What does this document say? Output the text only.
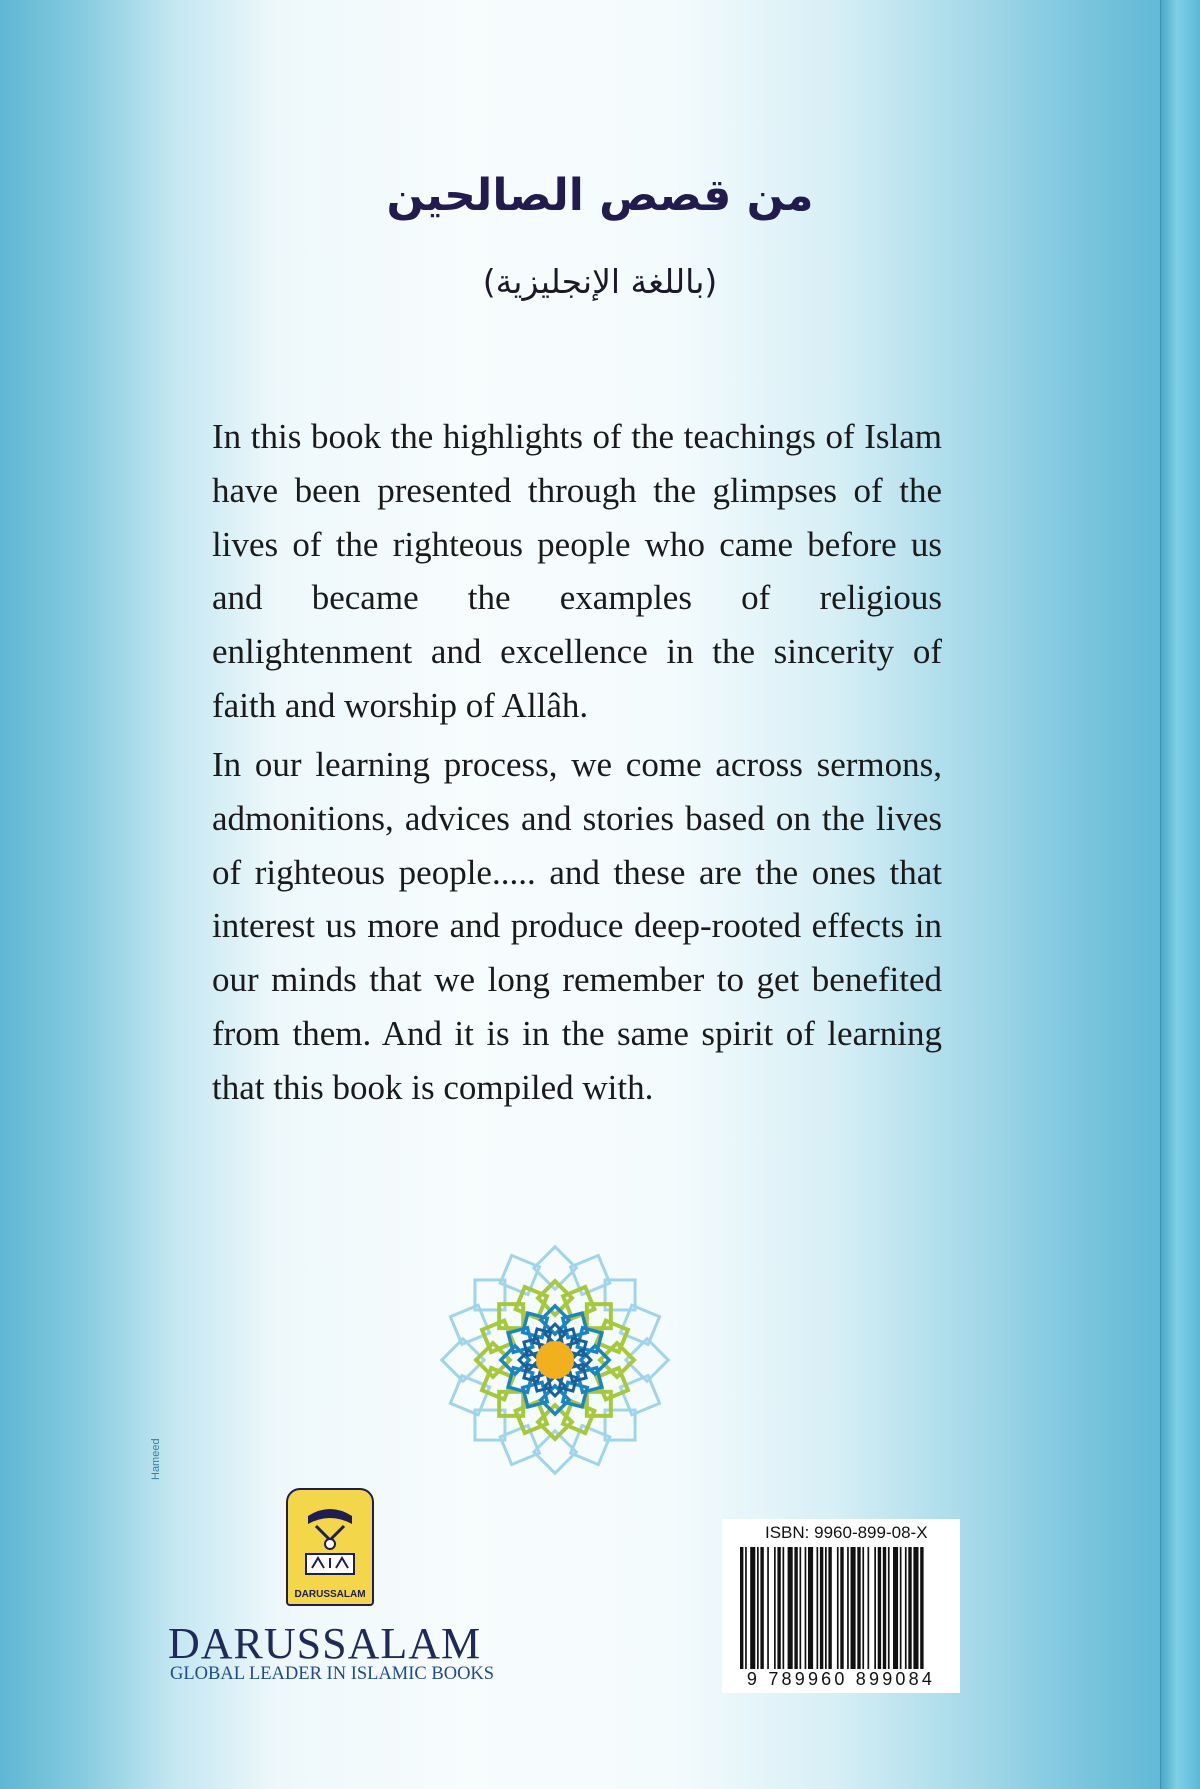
من قصص الصالحين
(باللغة الإنجليزية)

In this book the highlights of the teachings of Islam have been presented through the glimpses of the lives of the righteous people who came before us and became the examples of religious enlightenment and excellence in the sincerity of faith and worship of Allâh.

In our learning process, we come across sermons, admonitions, advices and stories based on the lives of righteous people..... and these are the ones that interest us more and produce deep-rooted effects in our minds that we long remember to get benefited from them. And it is in the same spirit of learning that this book is compiled with.

Hameed
DARUSSALAM
DARUSSALAM
GLOBAL LEADER IN ISLAMIC BOOKS
ISBN: 9960-899-08-X
9 789960 899084
